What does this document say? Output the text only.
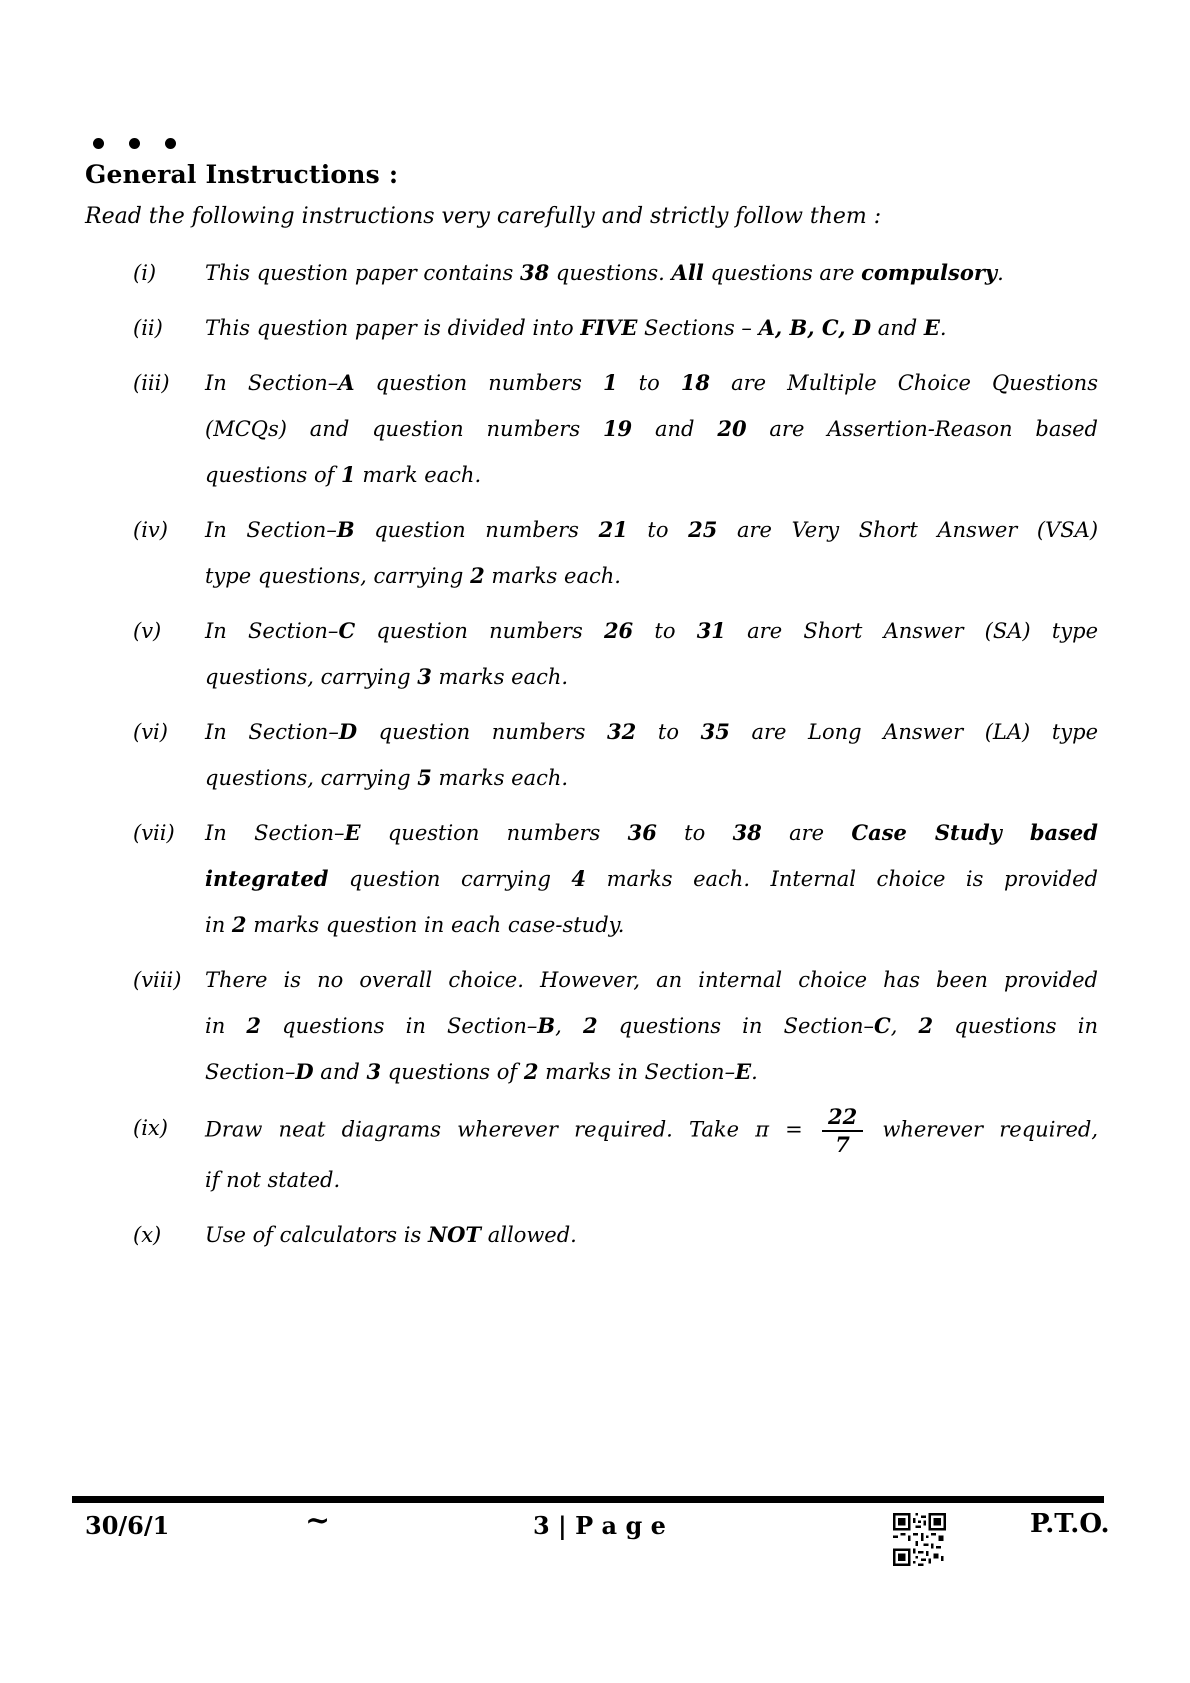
General Instructions :

Read the following instructions very carefully and strictly follow them :

(i)	This question paper contains 38 questions. All questions are compulsory.
(ii)	This question paper is divided into FIVE Sections – A, B, C, D and E.
(iii)	In Section–A question numbers 1 to 18 are Multiple Choice Questions
(MCQs) and question numbers 19 and 20 are Assertion-Reason based
questions of 1 mark each.
(iv)	In Section–B question numbers 21 to 25 are Very Short Answer (VSA)
type questions, carrying 2 marks each.
(v)	In Section–C question numbers 26 to 31 are Short Answer (SA) type
questions, carrying 3 marks each.
(vi)	In Section–D question numbers 32 to 35 are Long Answer (LA) type
questions, carrying 5 marks each.
(vii)	In Section–E question numbers 36 to 38 are Case Study based
integrated question carrying 4 marks each. Internal choice is provided
in 2 marks question in each case-study.
(viii)	There is no overall choice. However, an internal choice has been provided
in 2 questions in Section–B, 2 questions in Section–C, 2 questions in
Section–D and 3 questions of 2 marks in Section–E.
(ix)	Draw neat diagrams wherever required. Take $\pi = \frac{22}{7}$ wherever required,
if not stated.
(x)	Use of calculators is NOT allowed.
30/6/1	~	3 | P a g e	P.T.O.
